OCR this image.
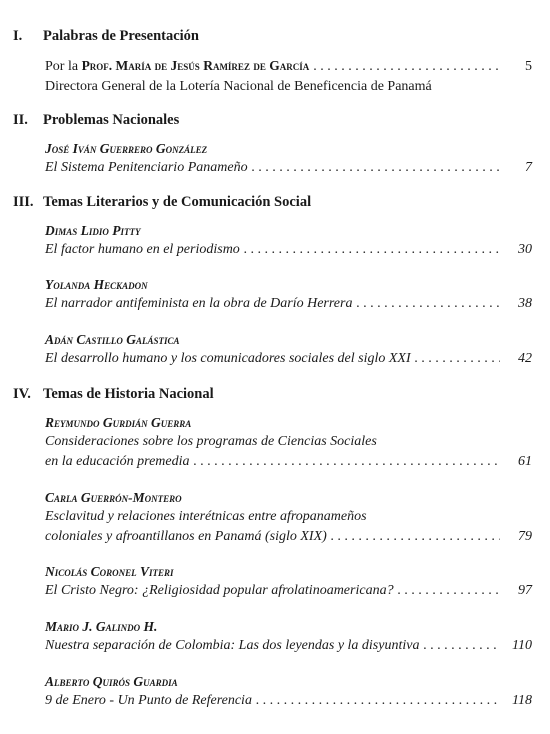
I.	Palabras de Presentación
Por la Prof. María de Jesús Ramírez de García . . .	5
Directora General de la Lotería Nacional de Beneficencia de Panamá
II.	Problemas Nacionales
José Iván Guerrero González
El Sistema Penitenciario Panameño . . .	7
III. Temas Literarios y de Comunicación Social
Dimas Lidio Pitty
El factor humano en el periodismo . . .	30
Yolanda Heckadon
El narrador antifeminista en la obra de Darío Herrera . . .	38
Adán Castillo Galástica
El desarrollo humano y los comunicadores sociales del siglo XXI . . .	42
IV. Temas de Historia Nacional
Reymundo Gurdián Guerra
Consideraciones sobre los programas de Ciencias Sociales
en la educación premedia . . .	61
Carla Guerrón-Montero
Esclavitud y relaciones interétnicas entre afropanameños
coloniales y afroantillanos en Panamá (siglo XIX) . . .	79
Nicolás Coronel Viteri
El Cristo Negro: ¿Religiosidad popular afrolatinoamericana? . . .	97
Mario J. Galindo H.
Nuestra separación de Colombia: Las dos leyendas y la disyuntiva . . .	110
Alberto Quirós Guardia
9 de Enero - Un Punto de Referencia . . .	118
